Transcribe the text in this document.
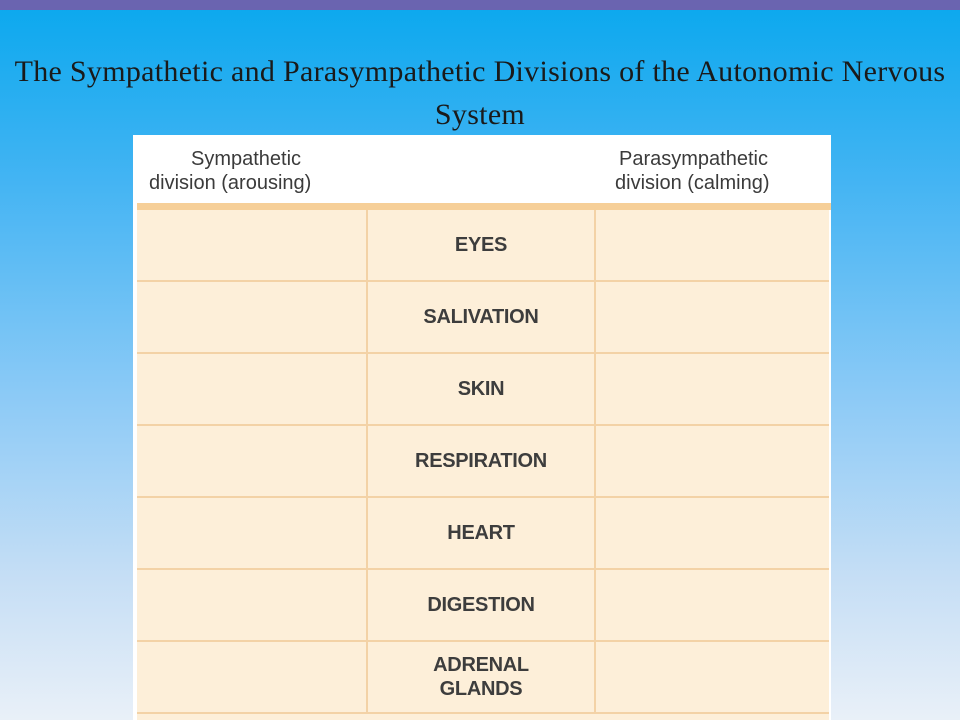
The Sympathetic and Parasympathetic Divisions of the Autonomic Nervous System
Sympathetic
division (arousing)
Parasympathetic
division (calming)
EYES
SALIVATION
SKIN
RESPIRATION
HEART
DIGESTION
ADRENAL
GLANDS
